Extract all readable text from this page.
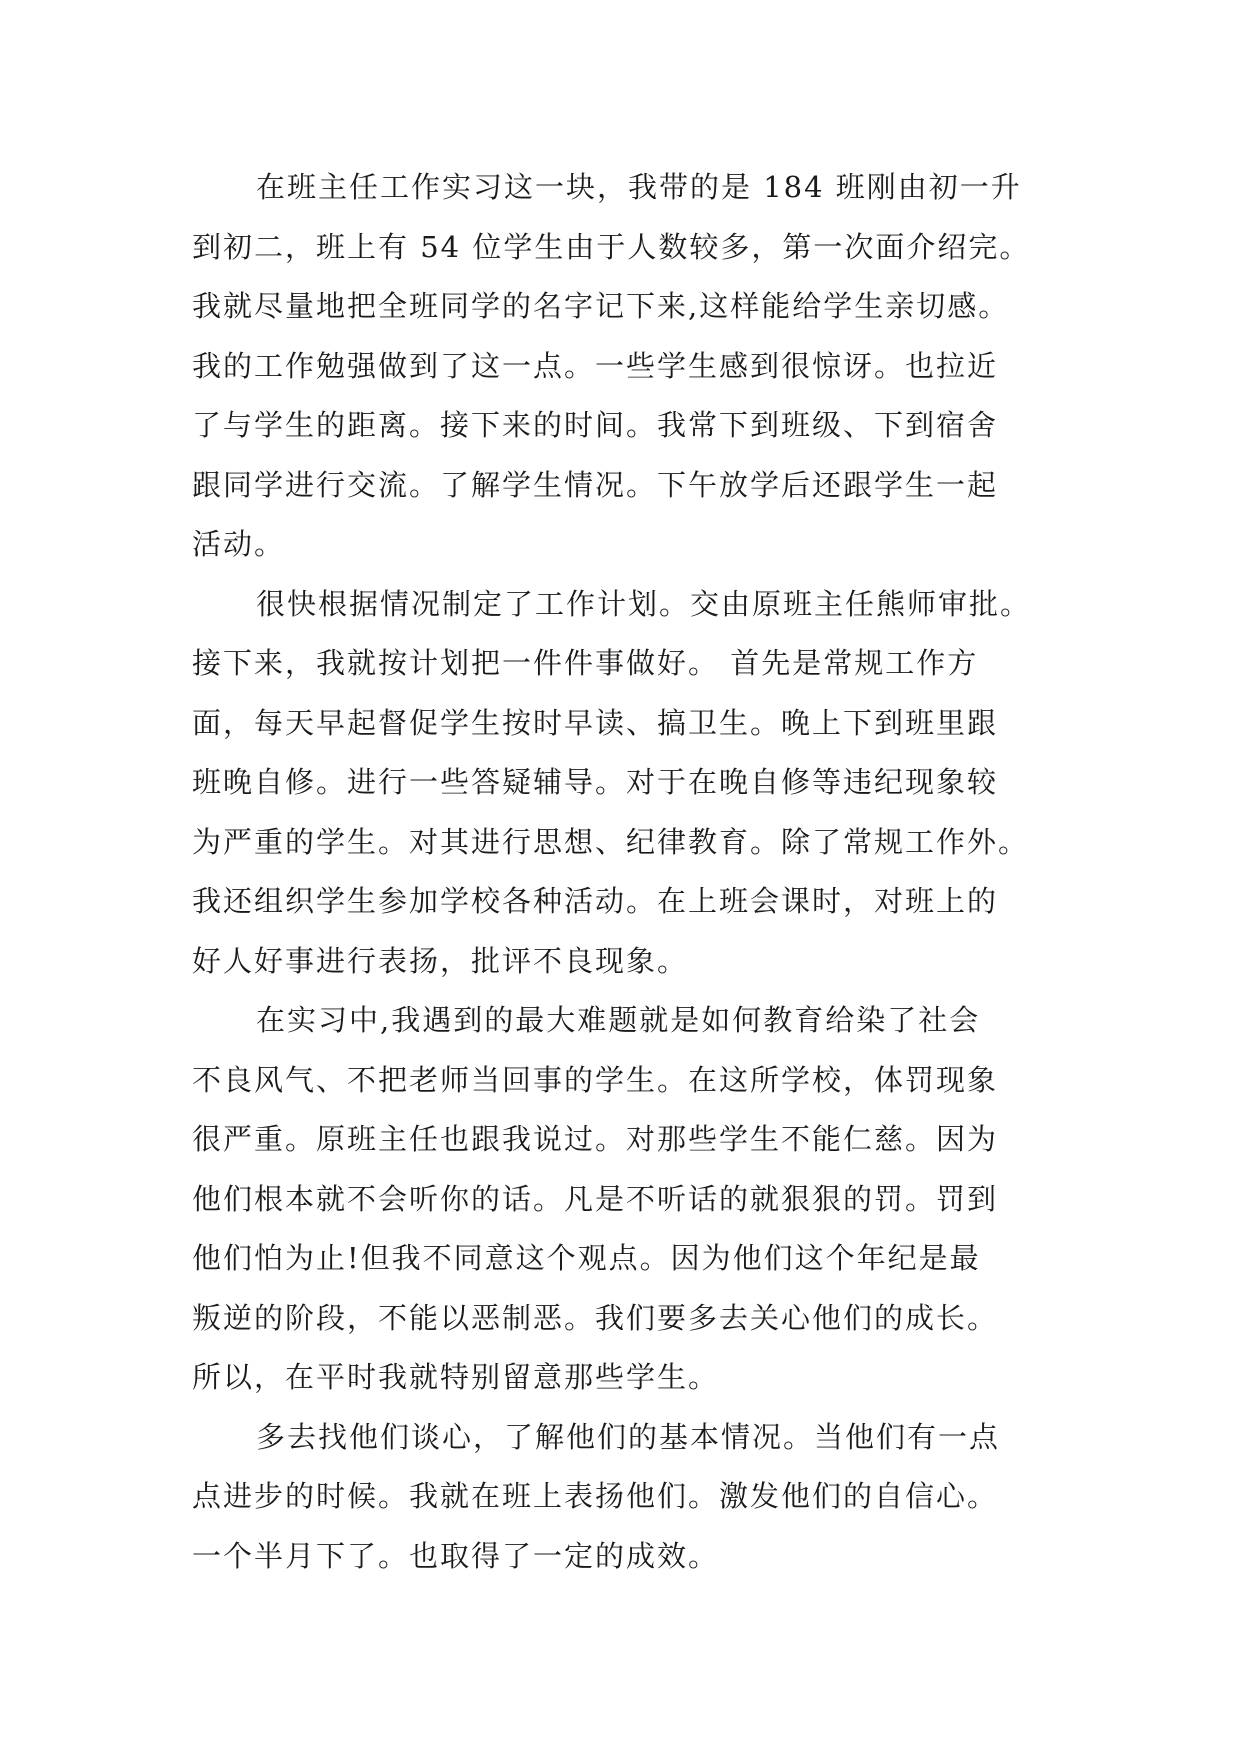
在班主任工作实习这一块，我带的是 184 班刚由初一升
到初二，班上有 54 位学生由于人数较多，第一次面介绍完。
我就尽量地把全班同学的名字记下来,这样能给学生亲切感。
我的工作勉强做到了这一点。一些学生感到很惊讶。也拉近
了与学生的距离。接下来的时间。我常下到班级、下到宿舍
跟同学进行交流。了解学生情况。下午放学后还跟学生一起
活动。
很快根据情况制定了工作计划。交由原班主任熊师审批。
接下来，我就按计划把一件件事做好。 首先是常规工作方
面，每天早起督促学生按时早读、搞卫生。晚上下到班里跟
班晚自修。进行一些答疑辅导。对于在晚自修等违纪现象较
为严重的学生。对其进行思想、纪律教育。除了常规工作外。
我还组织学生参加学校各种活动。在上班会课时，对班上的
好人好事进行表扬，批评不良现象。
在实习中,我遇到的最大难题就是如何教育给染了社会
不良风气、不把老师当回事的学生。在这所学校，体罚现象
很严重。原班主任也跟我说过。对那些学生不能仁慈。因为
他们根本就不会听你的话。凡是不听话的就狠狠的罚。罚到
他们怕为止!但我不同意这个观点。因为他们这个年纪是最
叛逆的阶段，不能以恶制恶。我们要多去关心他们的成长。
所以，在平时我就特别留意那些学生。
多去找他们谈心，了解他们的基本情况。当他们有一点
点进步的时候。我就在班上表扬他们。激发他们的自信心。
一个半月下了。也取得了一定的成效。
